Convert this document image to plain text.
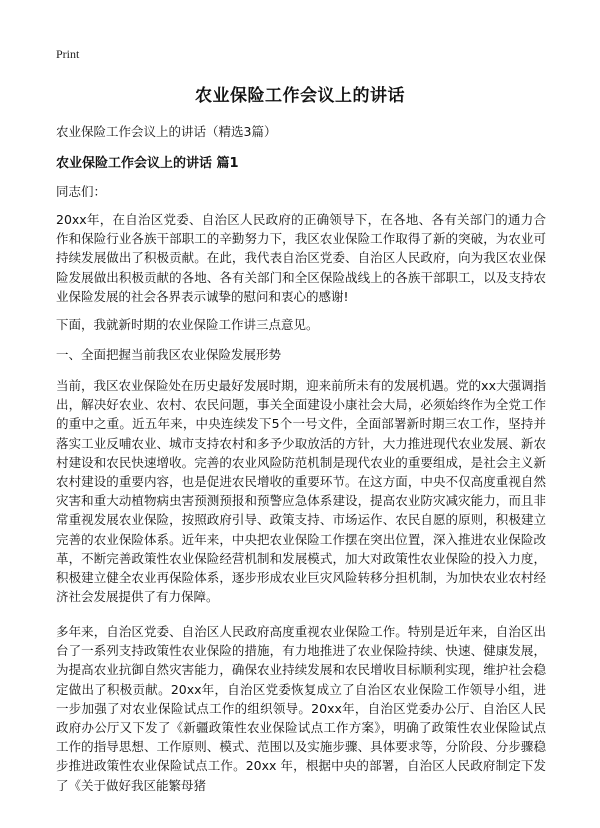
Print
农业保险工作会议上的讲话
农业保险工作会议上的讲话（精选3篇）
农业保险工作会议上的讲话 篇1
同志们：
20xx年，在自治区党委、自治区人民政府的正确领导下，在各地、各有关部门的通力合作和保险行业各族干部职工的辛勤努力下，我区农业保险工作取得了新的突破，为农业可持续发展做出了积极贡献。在此，我代表自治区党委、自治区人民政府，向为我区农业保险发展做出积极贡献的各地、各有关部门和全区保险战线上的各族干部职工，以及支持农业保险发展的社会各界表示诚挚的慰问和衷心的感谢!
下面，我就新时期的农业保险工作讲三点意见。
一、全面把握当前我区农业保险发展形势
当前，我区农业保险处在历史最好发展时期，迎来前所未有的发展机遇。党的xx大强调指出，解决好农业、农村、农民问题，事关全面建设小康社会大局，必须始终作为全党工作的重中之重。近五年来，中央连续发下5个一号文件，全面部署新时期三农工作，坚持并落实工业反哺农业、城市支持农村和多予少取放活的方针，大力推进现代农业发展、新农村建设和农民快速增收。完善的农业风险防范机制是现代农业的重要组成，是社会主义新农村建设的重要内容，也是促进农民增收的重要环节。在这方面，中央不仅高度重视自然灾害和重大动植物病虫害预测预报和预警应急体系建设，提高农业防灾减灾能力，而且非常重视发展农业保险，按照政府引导、政策支持、市场运作、农民自愿的原则，积极建立完善的农业保险体系。近年来，中央把农业保险工作摆在突出位置，深入推进农业保险改革，不断完善政策性农业保险经营机制和发展模式，加大对政策性农业保险的投入力度，积极建立健全农业再保险体系，逐步形成农业巨灾风险转移分担机制，为加快农业农村经济社会发展提供了有力保障。
多年来，自治区党委、自治区人民政府高度重视农业保险工作。特别是近年来，自治区出台了一系列支持政策性农业保险的措施，有力地推进了农业保险持续、快速、健康发展，为提高农业抗御自然灾害能力，确保农业持续发展和农民增收目标顺利实现，维护社会稳定做出了积极贡献。20xx年，自治区党委恢复成立了自治区农业保险工作领导小组，进一步加强了对农业保险试点工作的组织领导。20xx年，自治区党委办公厅、自治区人民政府办公厅又下发了《新疆政策性农业保险试点工作方案》，明确了政策性农业保险试点工作的指导思想、工作原则、模式、范围以及实施步骤、具体要求等，分阶段、分步骤稳步推进政策性农业保险试点工作。20xx 年，根据中央的部署，自治区人民政府制定下发了《关于做好我区能繁母猪
